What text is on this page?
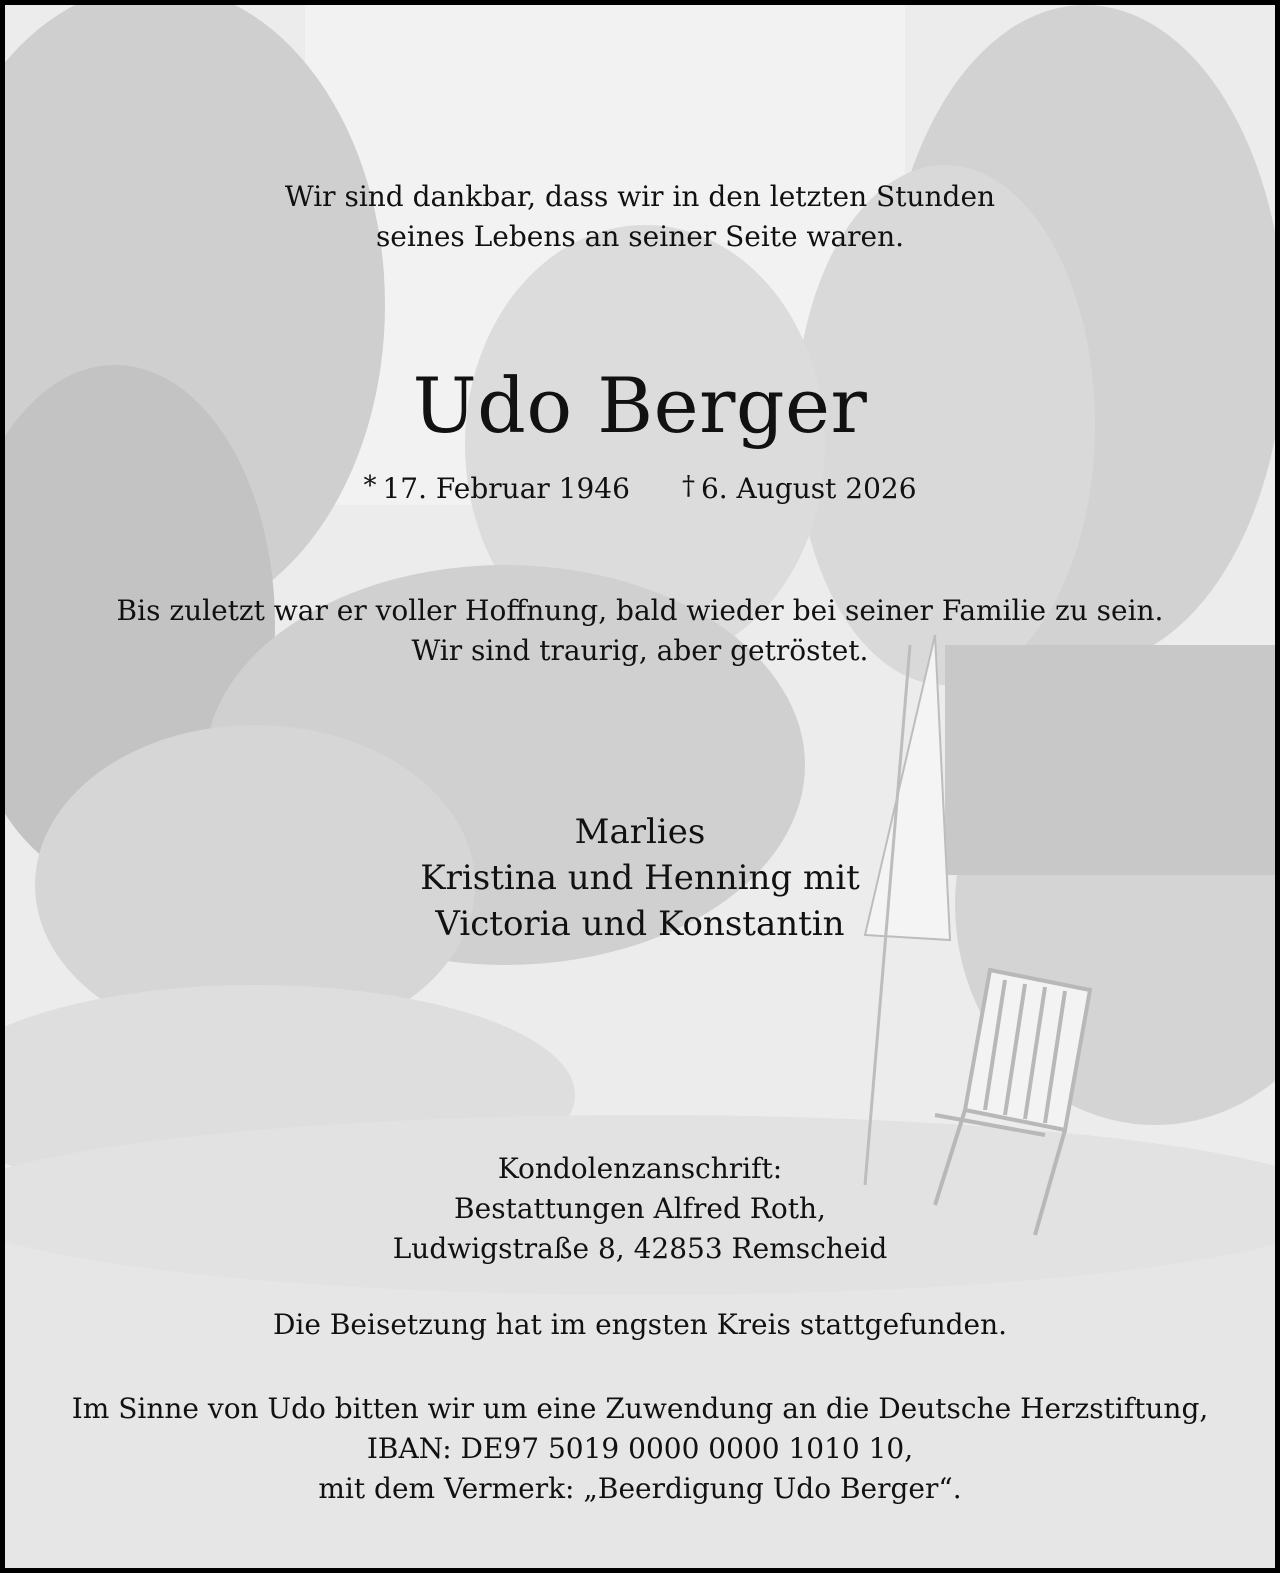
Wir sind dankbar, dass wir in den letzten Stunden
seines Lebens an seiner Seite waren.
Udo Berger
* 17. Februar 1946 † 6. August 2026
Bis zuletzt war er voller Hoffnung, bald wieder bei seiner Familie zu sein.
Wir sind traurig, aber getröstet.
Marlies
Kristina und Henning mit
Victoria und Konstantin
Kondolenzanschrift:
Bestattungen Alfred Roth,
Ludwigstraße 8, 42853 Remscheid
Die Beisetzung hat im engsten Kreis stattgefunden.
Im Sinne von Udo bitten wir um eine Zuwendung an die Deutsche Herzstiftung,
IBAN: DE97 5019 0000 0000 1010 10,
mit dem Vermerk: „Beerdigung Udo Berger“.
